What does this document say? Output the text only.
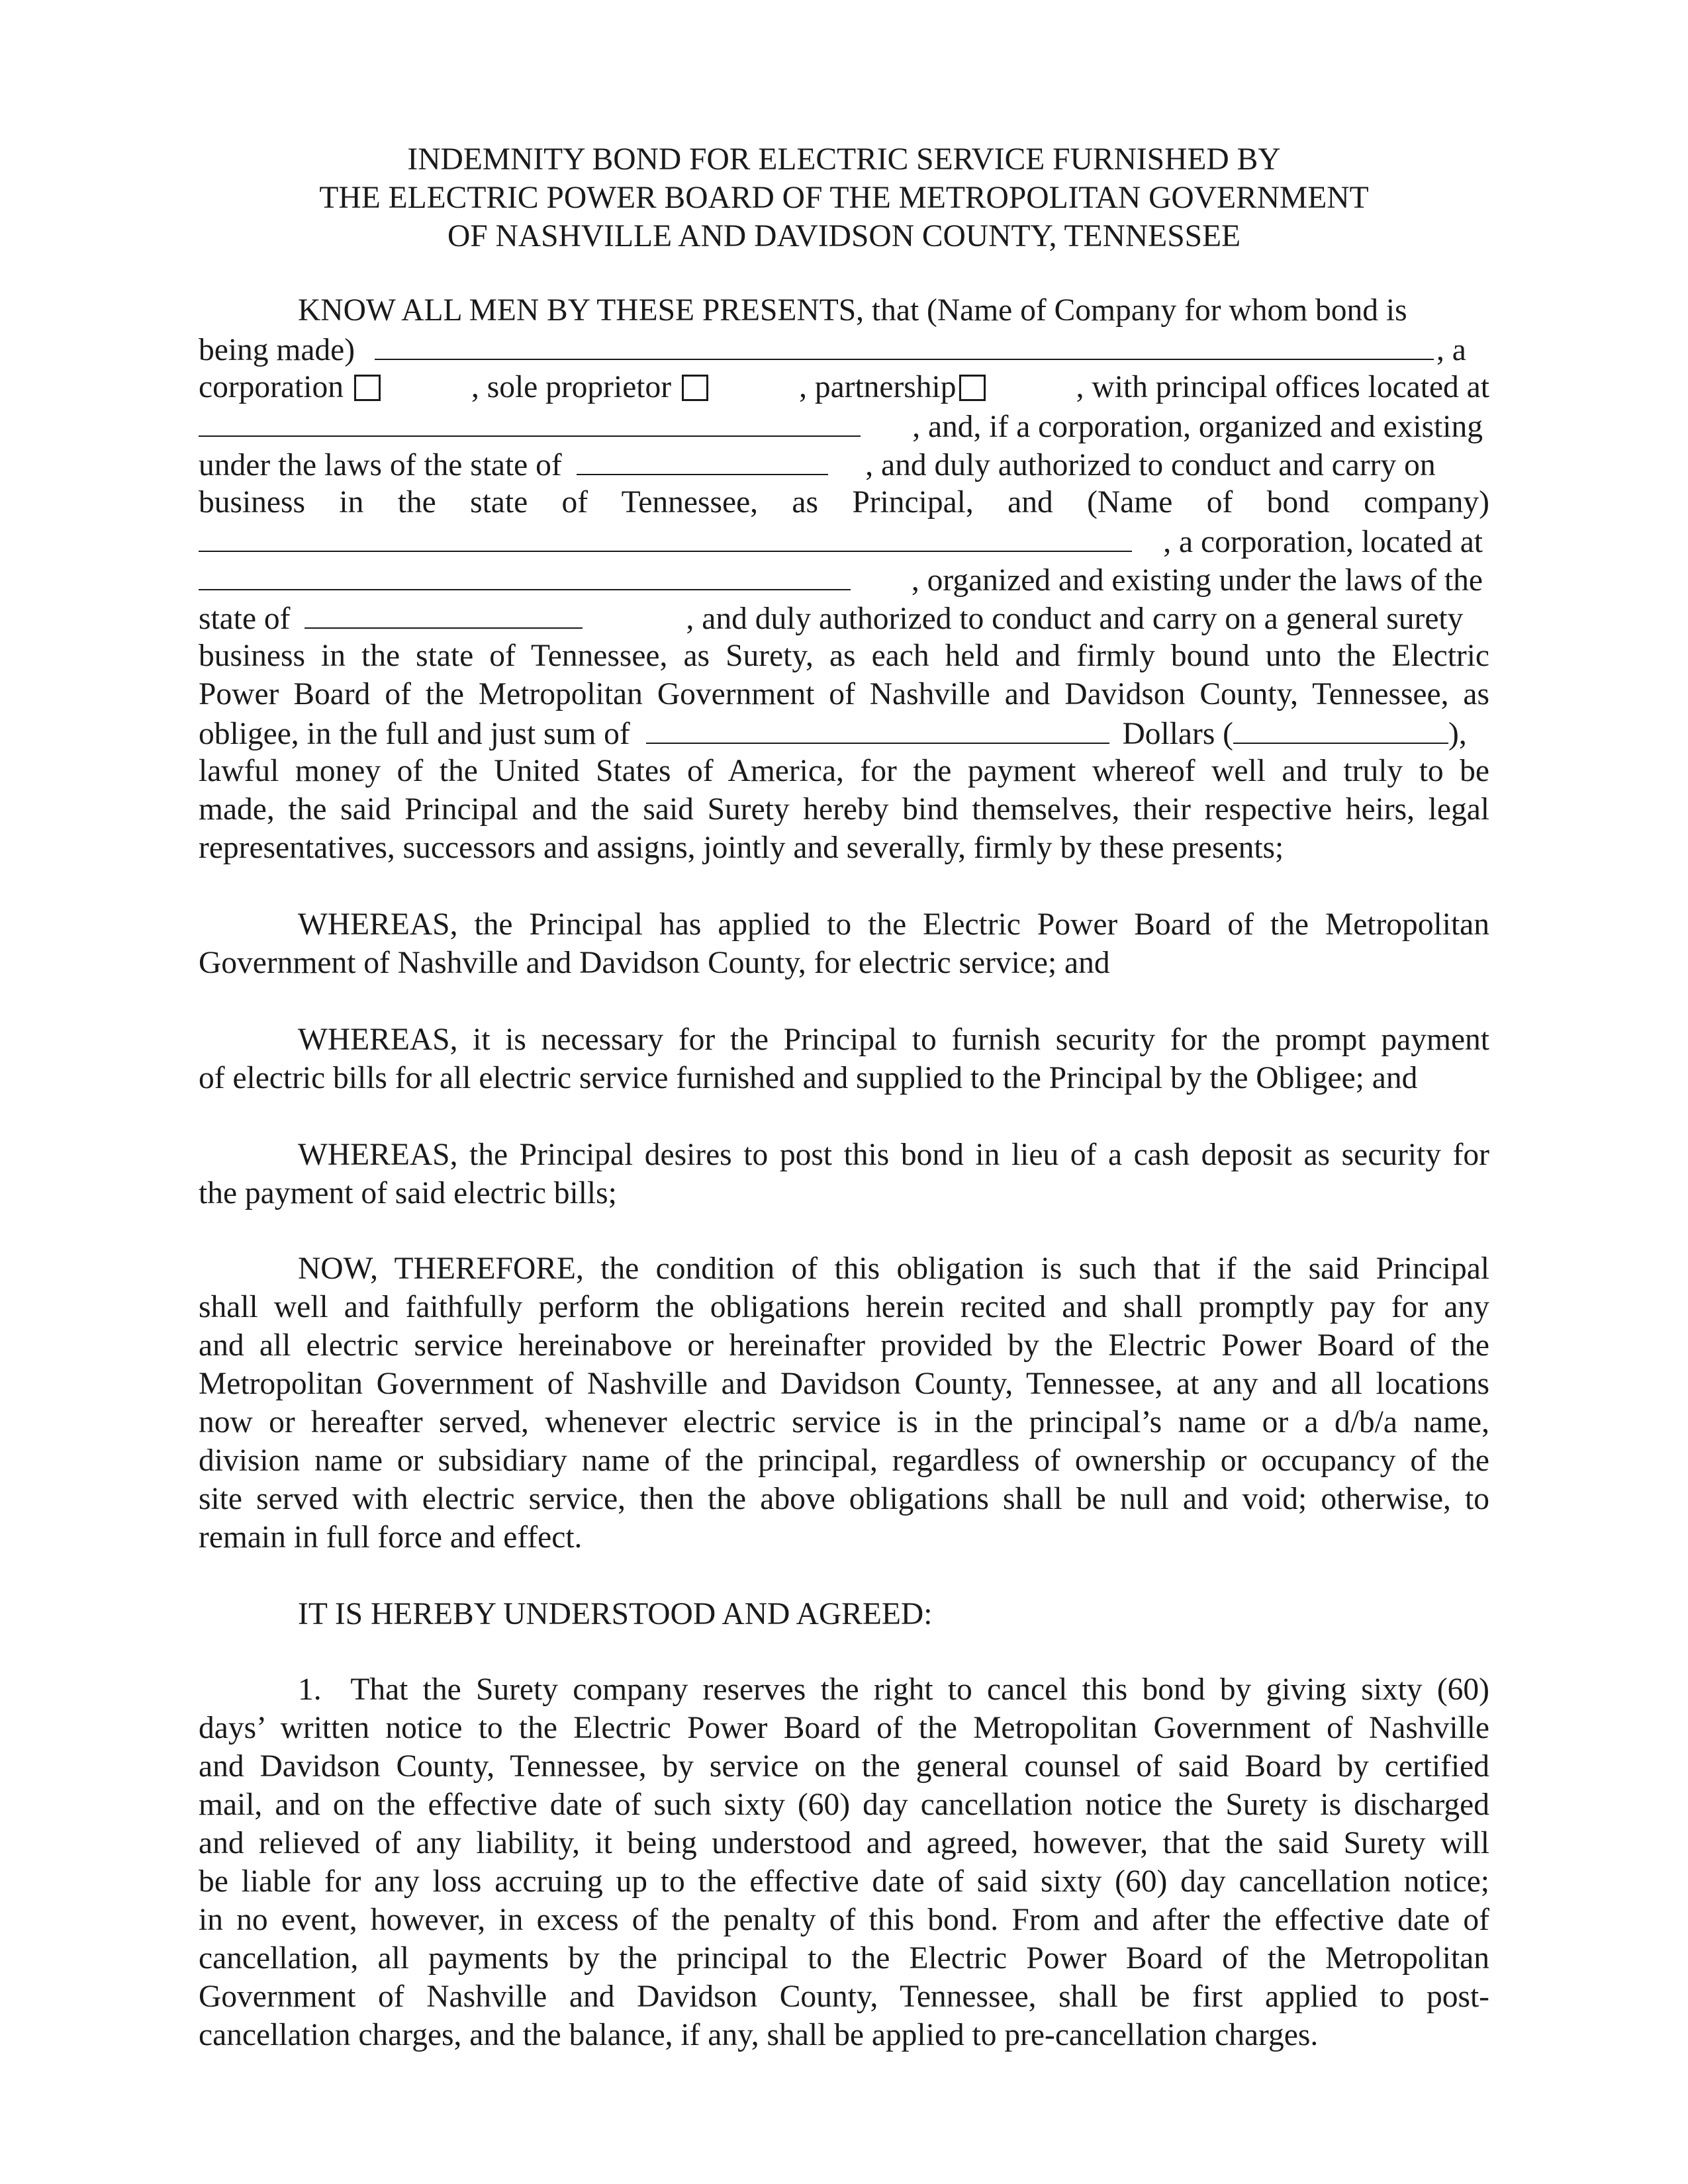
INDEMNITY BOND FOR ELECTRIC SERVICE FURNISHED BY
THE ELECTRIC POWER BOARD OF THE METROPOLITAN GOVERNMENT
OF NASHVILLE AND DAVIDSON COUNTY, TENNESSEE
KNOW ALL MEN BY THESE PRESENTS, that (Name of Company for whom bond is
being made)	, a
corporation	, sole proprietor	, partnership	, with principal offices located at
, and, if a corporation, organized and existing
under the laws of the state of	, and duly authorized to conduct and carry on
business in the state of Tennessee, as Principal, and (Name of bond company)
, a corporation, located at
, organized and existing under the laws of the
state of	, and duly authorized to conduct and carry on a general surety
business in the state of Tennessee, as Surety, as each held and firmly bound unto the Electric
Power Board of the Metropolitan Government of Nashville and Davidson County, Tennessee, as
obligee, in the full and just sum of	Dollars (	),
lawful money of the United States of America, for the payment whereof well and truly to be
made, the said Principal and the said Surety hereby bind themselves, their respective heirs, legal
representatives, successors and assigns, jointly and severally, firmly by these presents;
WHEREAS, the Principal has applied to the Electric Power Board of the Metropolitan
Government of Nashville and Davidson County, for electric service; and
WHEREAS, it is necessary for the Principal to furnish security for the prompt payment
of electric bills for all electric service furnished and supplied to the Principal by the Obligee; and
WHEREAS, the Principal desires to post this bond in lieu of a cash deposit as security for
the payment of said electric bills;
NOW, THEREFORE, the condition of this obligation is such that if the said Principal
shall well and faithfully perform the obligations herein recited and shall promptly pay for any
and all electric service hereinabove or hereinafter provided by the Electric Power Board of the
Metropolitan Government of Nashville and Davidson County, Tennessee, at any and all locations
now or hereafter served, whenever electric service is in the principal’s name or a d/b/a name,
division name or subsidiary name of the principal, regardless of ownership or occupancy of the
site served with electric service, then the above obligations shall be null and void; otherwise, to
remain in full force and effect.
IT IS HEREBY UNDERSTOOD AND AGREED:
1.  That the Surety company reserves the right to cancel this bond by giving sixty (60)
days’ written notice to the Electric Power Board of the Metropolitan Government of Nashville
and Davidson County, Tennessee, by service on the general counsel of said Board by certified
mail, and on the effective date of such sixty (60) day cancellation notice the Surety is discharged
and relieved of any liability, it being understood and agreed, however, that the said Surety will
be liable for any loss accruing up to the effective date of said sixty (60) day cancellation notice;
in no event, however, in excess of the penalty of this bond. From and after the effective date of
cancellation, all payments by the principal to the Electric Power Board of the Metropolitan
Government of Nashville and Davidson County, Tennessee, shall be first applied to post-
cancellation charges, and the balance, if any, shall be applied to pre-cancellation charges.
